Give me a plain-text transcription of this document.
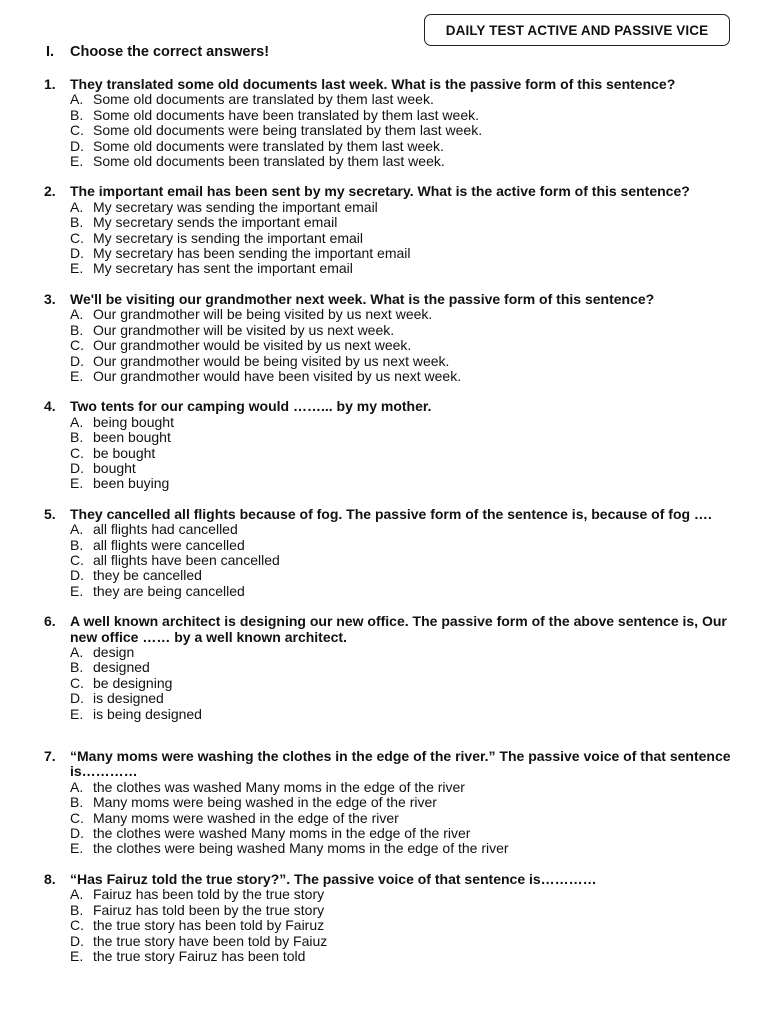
DAILY TEST ACTIVE AND PASSIVE VICE
I. Choose the correct answers!
1.	They translated some old documents last week. What is the passive form of this sentence?
A. Some old documents are translated by them last week.
B. Some old documents have been translated by them last week.
C. Some old documents were being translated by them last week.
D. Some old documents were translated by them last week.
E. Some old documents been translated by them last week.
2.	The important email has been sent by my secretary. What is the active form of this sentence?
A. My secretary was sending the important email
B. My secretary sends the important email
C. My secretary is sending the important email
D. My secretary has been sending the important email
E. My secretary has sent the important email
3.	We'll be visiting our grandmother next week. What is the passive form of this sentence?
A. Our grandmother will be being visited by us next week.
B. Our grandmother will be visited by us next week.
C. Our grandmother would be visited by us next week.
D. Our grandmother would be being visited by us next week.
E. Our grandmother would have been visited by us next week.
4.	Two tents for our camping would ……... by my mother.
A. being bought
B. been bought
C. be bought
D. bought
E. been buying
5.	They cancelled all flights because of fog. The passive form of the sentence is, because of fog ….
A. all flights had cancelled
B. all flights were cancelled
C. all flights have been cancelled
D. they be cancelled
E. they are being cancelled
6.	A well known architect is designing our new office. The passive form of the above sentence is, Our new office …… by a well known architect.
A. design
B. designed
C. be designing
D. is designed
E. is being designed
7.	“Many moms were washing the clothes in the edge of the river.” The passive voice of that sentence is…………
A. the clothes was washed Many moms in the edge of the river
B. Many moms were being washed in the edge of the river
C. Many moms were washed in the edge of the river
D. the clothes were washed Many moms in the edge of the river
E. the clothes were being washed Many moms in the edge of the river
8.	“Has Fairuz told the true story?”. The passive voice of that sentence is…………
A. Fairuz has been told by the true story
B. Fairuz has told been by the true story
C. the true story has been told by Fairuz
D. the true story have been told by Faiuz
E. the true story Fairuz has been told
